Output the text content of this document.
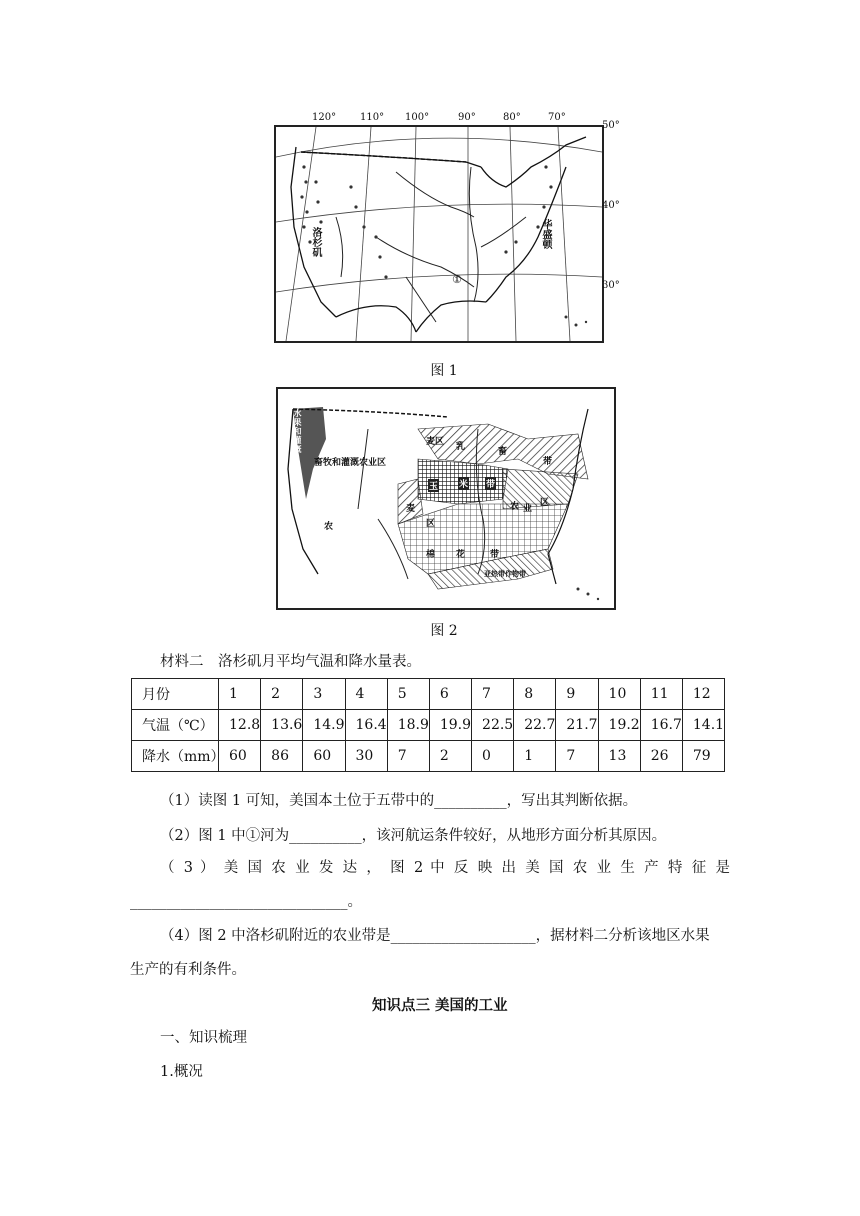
洛杉矶	华盛顿
①
120° 110° 100°	90°	80°	70°
50°
40°
30°
图 1
畜牧和灌溉农业区
水果和灌溉	麦区 乳	畜
带
玉 米 带
麦
区
农 业
区
棉 花	带
亚热带作物带
农
图 2
材料二　洛杉矶月平均气温和降水量表。
月份	1	2	3	4	5	6	7	8	9	10	11	12
气温（℃）	12.8	13.6	14.9	16.4	18.9	19.9	22.5	22.7	21.7	19.2	16.7	14.1
降水（mm）	60	86	60	30	7	2	0	1	7	13	26	79
（1）读图 1 可知，美国本土位于五带中的__________，写出其判断依据。
（2）图 1 中①河为__________，该河航运条件较好，从地形方面分析其原因。
（ 3 ） 美 国 农 业 发 达 ， 图 2 中 反 映 出 美 国 农 业 生 产 特 征 是
______________________________。
（4）图 2 中洛杉矶附近的农业带是____________________，据材料二分析该地区水果
生产的有利条件。
知识点三 美国的工业
一、知识梳理
1.概况
